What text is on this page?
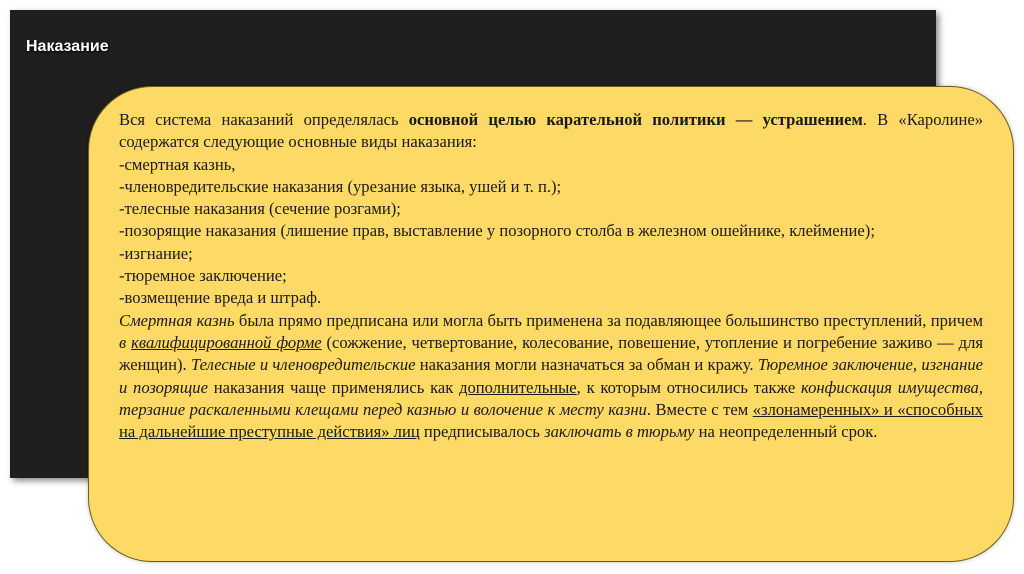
Наказание

Вся система наказаний определялась основной целью карательной политики — устрашением. В «Каролине» содержатся следующие основные виды наказания:

-смертная казнь,

-членовредительские наказания (урезание языка, ушей и т. п.);

-телесные наказания (сечение розгами);

-позорящие наказания (лишение прав, выставление у позорного столба в железном ошейнике, клеймение);

-изгнание;

-тюремное заключение;

-возмещение вреда и штраф.

Смертная казнь была прямо предписана или могла быть применена за подавляющее большинство преступлений, причем в квалифицированной форме (сожжение, четвертование, колесование, повешение, утопление и погребение заживо — для женщин). Телесные и членовредительские наказания могли назначаться за обман и кражу. Тюремное заключение, изгнание и позорящие наказания чаще применялись как дополнительные, к которым относились также конфискация имущества, терзание раскаленными клещами перед казнью и волочение к месту казни. Вместе с тем «злонамеренных» и «способных на дальнейшие преступные действия» лиц предписывалось заключать в тюрьму на неопределенный срок.
